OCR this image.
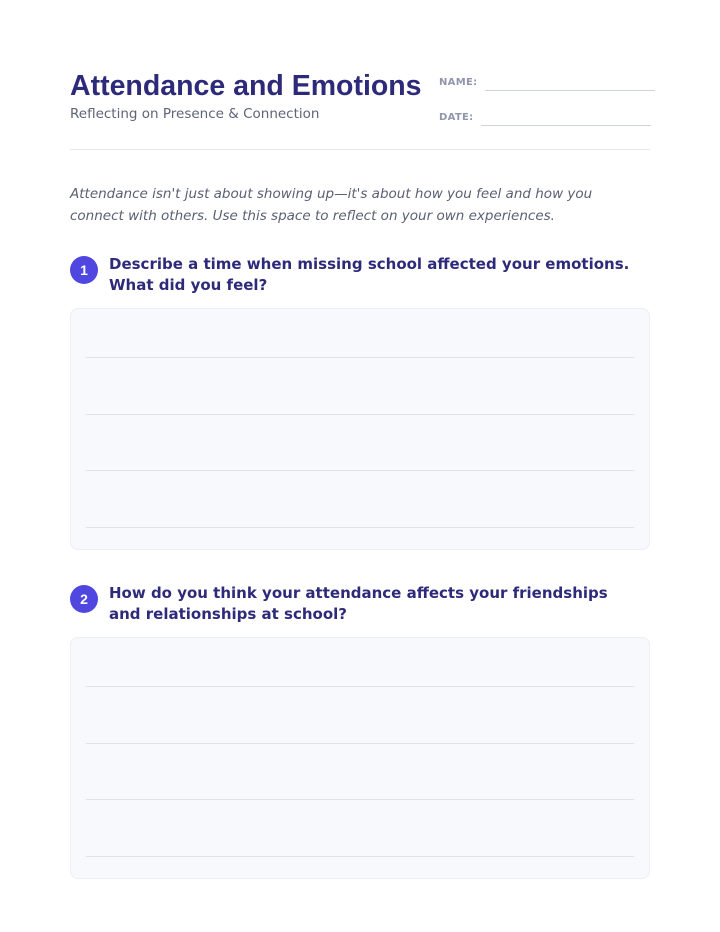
Attendance and Emotions

Reflecting on Presence & Connection

NAME:
DATE:

Attendance isn't just about showing up—it's about how you feel and how you connect with others. Use this space to reflect on your own experiences.

1	Describe a time when missing school affected your emotions. What did you feel?

2	How do you think your attendance affects your friendships and relationships at school?
